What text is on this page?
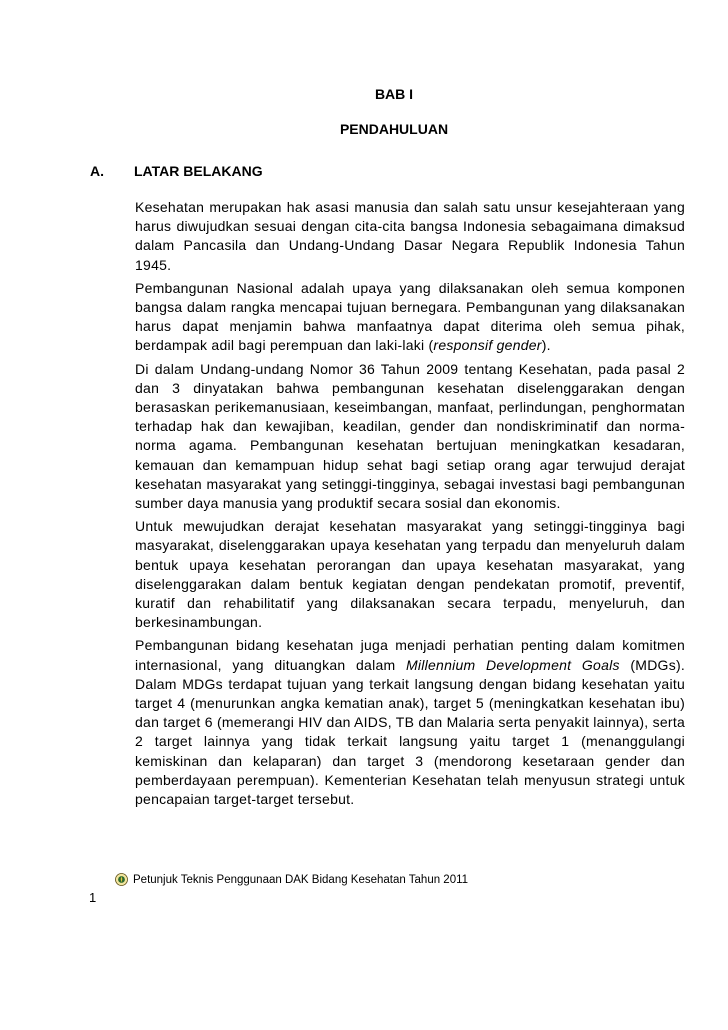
BAB I
PENDAHULUAN
A. LATAR BELAKANG

Kesehatan merupakan hak asasi manusia dan salah satu unsur kesejahteraan yang harus diwujudkan sesuai dengan cita-cita bangsa Indonesia sebagaimana dimaksud dalam Pancasila dan Undang-Undang Dasar Negara Republik Indonesia Tahun 1945.

Pembangunan Nasional adalah upaya yang dilaksanakan oleh semua komponen bangsa dalam rangka mencapai tujuan bernegara. Pembangunan yang dilaksanakan harus dapat menjamin bahwa manfaatnya dapat diterima oleh semua pihak, berdampak adil bagi perempuan dan laki-laki (responsif gender).

Di dalam Undang-undang Nomor 36 Tahun 2009 tentang Kesehatan, pada pasal 2 dan 3 dinyatakan bahwa pembangunan kesehatan diselenggarakan dengan berasaskan perikemanusiaan, keseimbangan, manfaat, perlindungan, penghormatan terhadap hak dan kewajiban, keadilan, gender dan nondiskriminatif dan norma-norma agama. Pembangunan kesehatan bertujuan meningkatkan kesadaran, kemauan dan kemampuan hidup sehat bagi setiap orang agar terwujud derajat kesehatan masyarakat yang setinggi-tingginya, sebagai investasi bagi pembangunan sumber daya manusia yang produktif secara sosial dan ekonomis.

Untuk mewujudkan derajat kesehatan masyarakat yang setinggi-tingginya bagi masyarakat, diselenggarakan upaya kesehatan yang terpadu dan menyeluruh dalam bentuk upaya kesehatan perorangan dan upaya kesehatan masyarakat, yang diselenggarakan dalam bentuk kegiatan dengan pendekatan promotif, preventif, kuratif dan rehabilitatif yang dilaksanakan secara terpadu, menyeluruh, dan berkesinambungan.

Pembangunan bidang kesehatan juga menjadi perhatian penting dalam komitmen internasional, yang dituangkan dalam Millennium Development Goals (MDGs). Dalam MDGs terdapat tujuan yang terkait langsung dengan bidang kesehatan yaitu target 4 (menurunkan angka kematian anak), target 5 (meningkatkan kesehatan ibu) dan target 6 (memerangi HIV dan AIDS, TB dan Malaria serta penyakit lainnya), serta 2 target lainnya yang tidak terkait langsung yaitu target 1 (menanggulangi kemiskinan dan kelaparan) dan target 3 (mendorong kesetaraan gender dan pemberdayaan perempuan). Kementerian Kesehatan telah menyusun strategi untuk pencapaian target-target tersebut.

Petunjuk Teknis Penggunaan DAK Bidang Kesehatan Tahun 2011
1
